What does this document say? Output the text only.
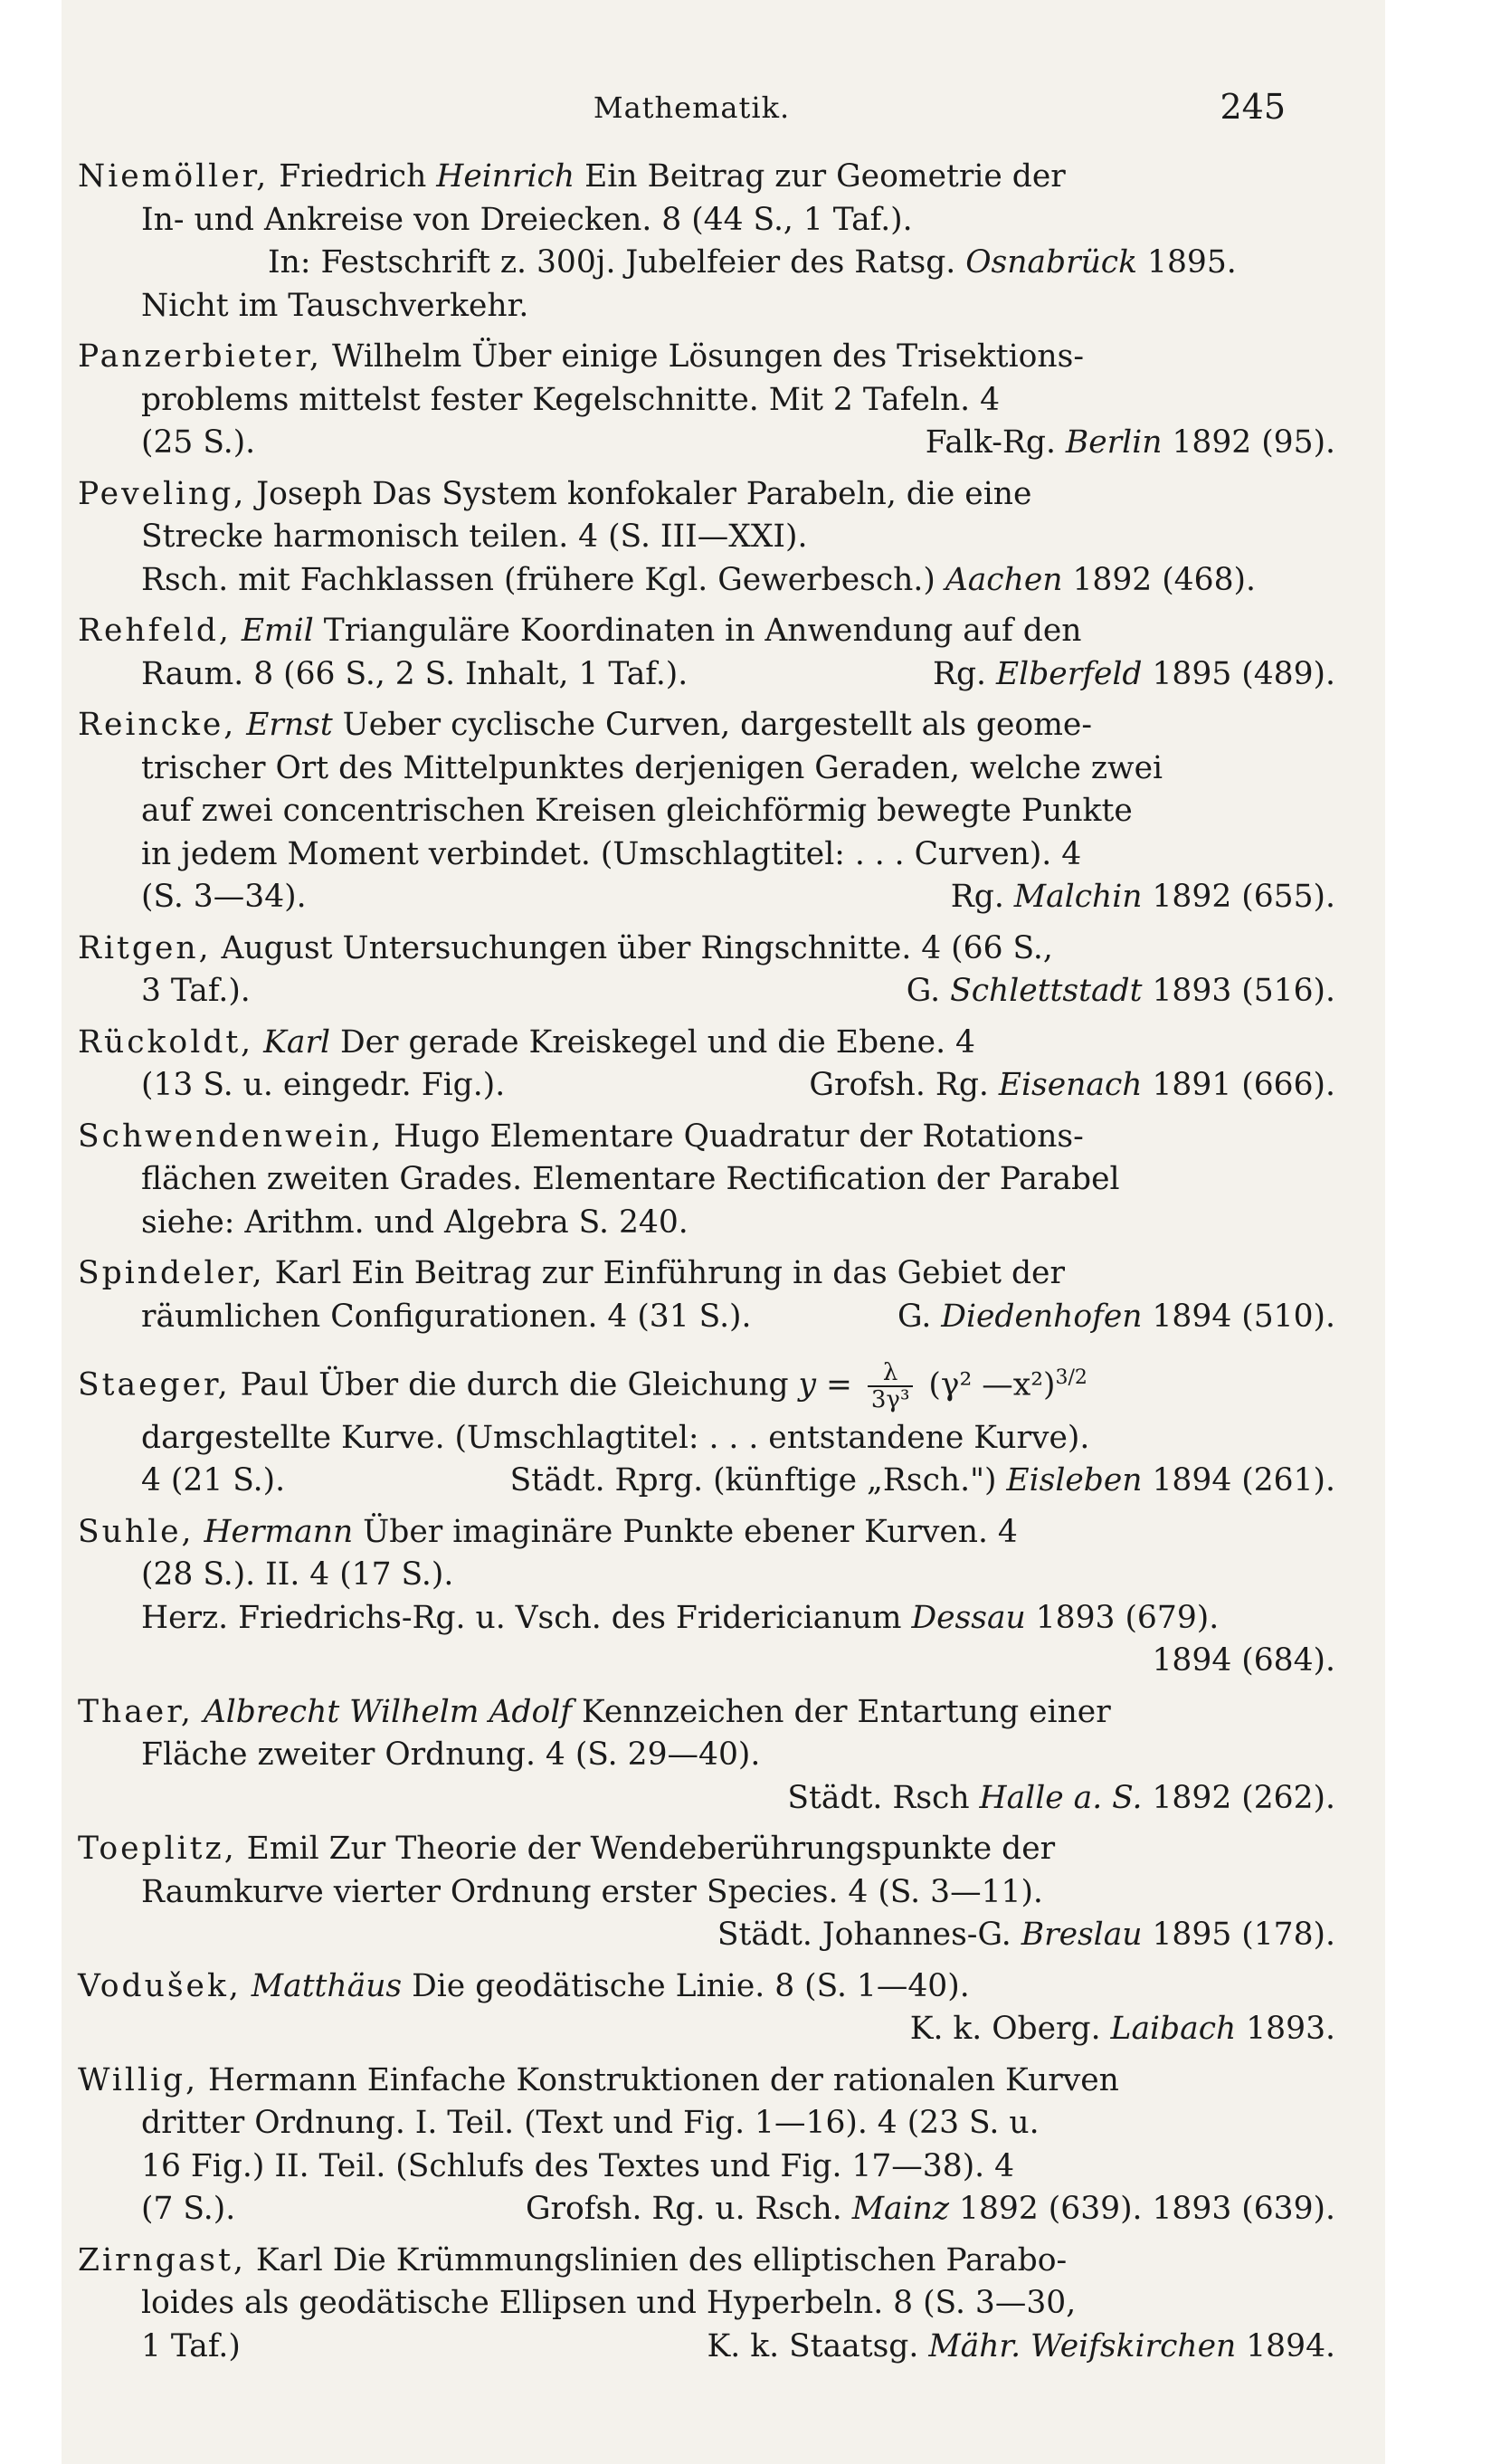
Mathematik.	245
Niemöller, Friedrich Heinrich Ein Beitrag zur Geometrie der
In- und Ankreise von Dreiecken. 8 (44 S., 1 Taf.).
In: Festschrift z. 300j. Jubelfeier des Ratsg. Osnabrück 1895.
Nicht im Tauschverkehr.
Panzerbieter, Wilhelm Über einige Lösungen des Trisektions-
problems mittelst fester Kegelschnitte. Mit 2 Tafeln. 4
(25 S.).	Falk-Rg. Berlin 1892 (95).
Peveling, Joseph Das System konfokaler Parabeln, die eine
Strecke harmonisch teilen. 4 (S. III—XXI).
Rsch. mit Fachklassen (frühere Kgl. Gewerbesch.) Aachen 1892 (468).
Rehfeld, Emil Trianguläre Koordinaten in Anwendung auf den
Raum. 8 (66 S., 2 S. Inhalt, 1 Taf.).	Rg. Elberfeld 1895 (489).
Reincke, Ernst Ueber cyclische Curven, dargestellt als geome-
trischer Ort des Mittelpunktes derjenigen Geraden, welche zwei
auf zwei concentrischen Kreisen gleichförmig bewegte Punkte
in jedem Moment verbindet. (Umschlagtitel: . . . Curven). 4
(S. 3—34).	Rg. Malchin 1892 (655).
Ritgen, August Untersuchungen über Ringschnitte. 4 (66 S.,
3 Taf.).	G. Schlettstadt 1893 (516).
Rückoldt, Karl Der gerade Kreiskegel und die Ebene. 4
(13 S. u. eingedr. Fig.).	Grofsh. Rg. Eisenach 1891 (666).
Schwendenwein, Hugo Elementare Quadratur der Rotations-
flächen zweiten Grades. Elementare Rectification der Parabel
siehe: Arithm. und Algebra S. 240.
Spindeler, Karl Ein Beitrag zur Einführung in das Gebiet der
räumlichen Configurationen. 4 (31 S.).	G. Diedenhofen 1894 (510).
Staeger, Paul Über die durch die Gleichung $y = \frac{\lambda}{\text{3γ³}} (\gamma^2$ —x²)$^{3/2}$
dargestellte Kurve. (Umschlagtitel: . . . entstandene Kurve).
4 (21 S.).	Städt. Rprg. (künftige „Rsch.") Eisleben 1894 (261).
Suhle, Hermann Über imaginäre Punkte ebener Kurven. 4
(28 S.). II. 4 (17 S.).
Herz. Friedrichs-Rg. u. Vsch. des Fridericianum Dessau 1893 (679).
1894 (684).
Thaer, Albrecht Wilhelm Adolf Kennzeichen der Entartung einer
Fläche zweiter Ordnung. 4 (S. 29—40).
Städt. Rsch Halle a. S. 1892 (262).
Toeplitz, Emil Zur Theorie der Wendeberührungspunkte der
Raumkurve vierter Ordnung erster Species. 4 (S. 3—11).
Städt. Johannes-G. Breslau 1895 (178).
Vodušek, Matthäus Die geodätische Linie. 8 (S. 1—40).
K. k. Oberg. Laibach 1893.
Willig, Hermann Einfache Konstruktionen der rationalen Kurven
dritter Ordnung. I. Teil. (Text und Fig. 1—16). 4 (23 S. u.
16 Fig.) II. Teil. (Schlufs des Textes und Fig. 17—38). 4
(7 S.).	Grofsh. Rg. u. Rsch. Mainz 1892 (639). 1893 (639).
Zirngast, Karl Die Krümmungslinien des elliptischen Parabo-
loides als geodätische Ellipsen und Hyperbeln. 8 (S. 3—30,
1 Taf.)	K. k. Staatsg. Mähr. Weifskirchen 1894.
